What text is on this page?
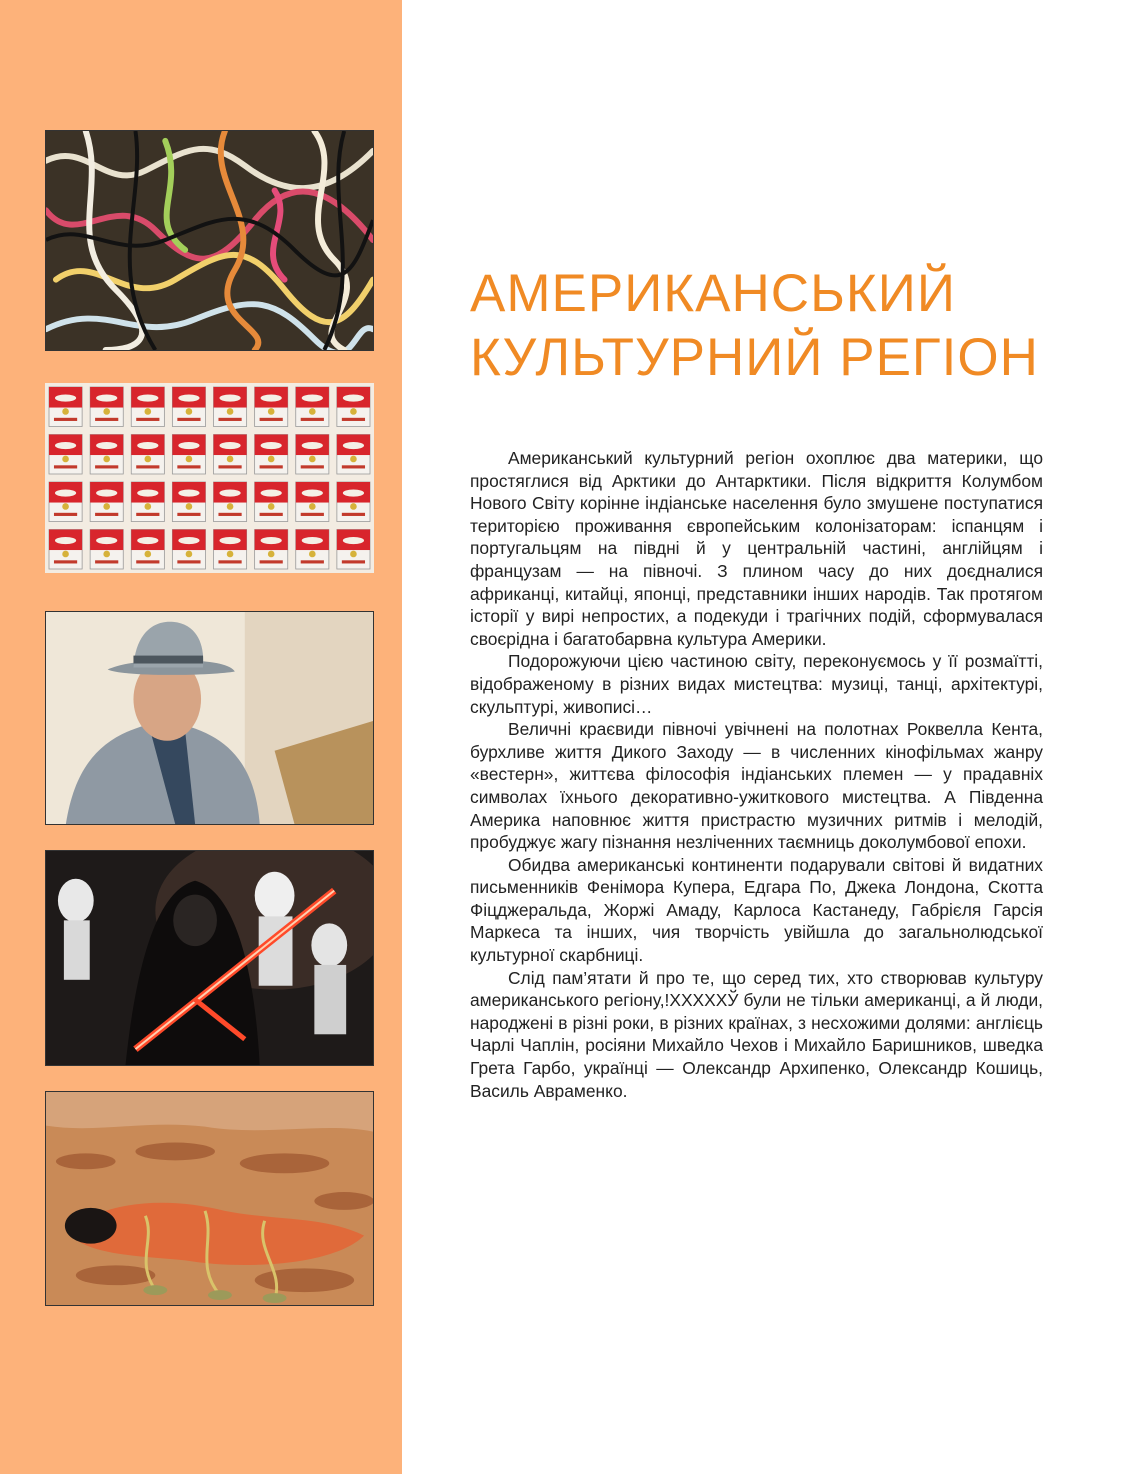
АМЕРИКАНСЬКИЙ
КУЛЬТУРНИЙ РЕГІОН

Американський культурний регіон охоплює два материки, що простяглися від Арктики до Антарктики. Після відкриття Колумбом Нового Світу корінне індіанське населення було змушене поступатися територією проживання європейським колонізаторам: іспанцям і португальцям на півдні й у центральній частині, англійцям і французам — на півночі. З плином часу до них доєдналися африканці, китайці, японці, представники інших народів. Так протягом історії у вирі непростих, а подекуди і трагічних подій, сформувалася своєрідна і багатобарвна культура Америки.

Подорожуючи цією частиною світу, переконуємось у її розмаїтті, відображеному в різних видах мистецтва: музиці, танці, архітектурі, скульптурі, живописі…

Величні краєвиди півночі увічнені на полотнах Роквелла Кента, бурхливе життя Дикого Заходу — в численних кінофільмах жанру «вестерн», життєва філософія індіанських племен — у прадавніх символах їхнього декоративно-ужиткового мистецтва. А Південна Америка наповнює життя пристрастю музичних ритмів і мелодій, пробуджує жагу пізнання незліченних таємниць доколумбової епохи.

Обидва американські континенти подарували світові й видатних письменників Фенімора Купера, Едгара По, Джека Лондона, Скотта Фіцджеральда, Жоржі Амаду, Карлоса Кастанеду, Габрієля Гарсія Маркеса та інших, чия творчість увійшла до загальнолюдської культурної скарбниці.

Слід пам’ятати й про те, що серед тих, хто створював культуру американського регіону,!ХХХХХЎ були не тільки американці, а й люди, народжені в різні роки, в різних країнах, з несхожими долями: англієць Чарлі Чаплін, росіяни Михайло Чехов і Михайло Баришников, шведка Грета Гарбо, українці — Олександр Архипенко, Олександр Кошиць, Василь Авраменко.
